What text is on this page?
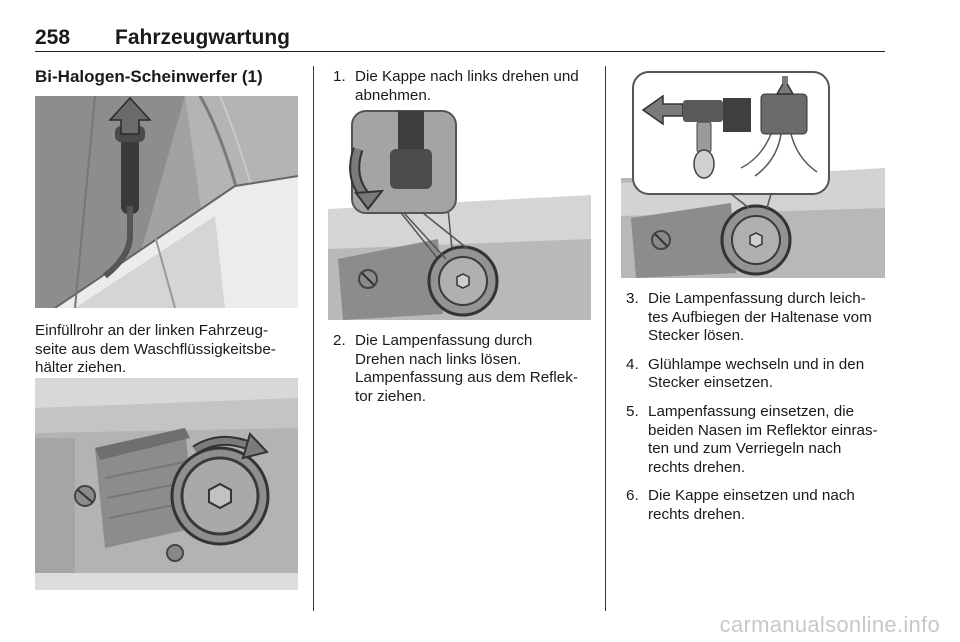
258 Fahrzeugwartung
Bi-Halogen-Scheinwerfer (1)
Einfüllrohr an der linken Fahrzeug-
seite aus dem Waschflüssigkeitsbe-
hälter ziehen.
1. Die Kappe nach links drehen und
abnehmen.
2. Die Lampenfassung durch
Drehen nach links lösen.
Lampenfassung aus dem Reflek-
tor ziehen.
3. Die Lampenfassung durch leich-
tes Aufbiegen der Haltenase vom
Stecker lösen.
4. Glühlampe wechseln und in den
Stecker einsetzen.
5. Lampenfassung einsetzen, die
beiden Nasen im Reflektor einras-
ten und zum Verriegeln nach
rechts drehen.
6. Die Kappe einsetzen und nach
rechts drehen.
carmanualsonline.info
